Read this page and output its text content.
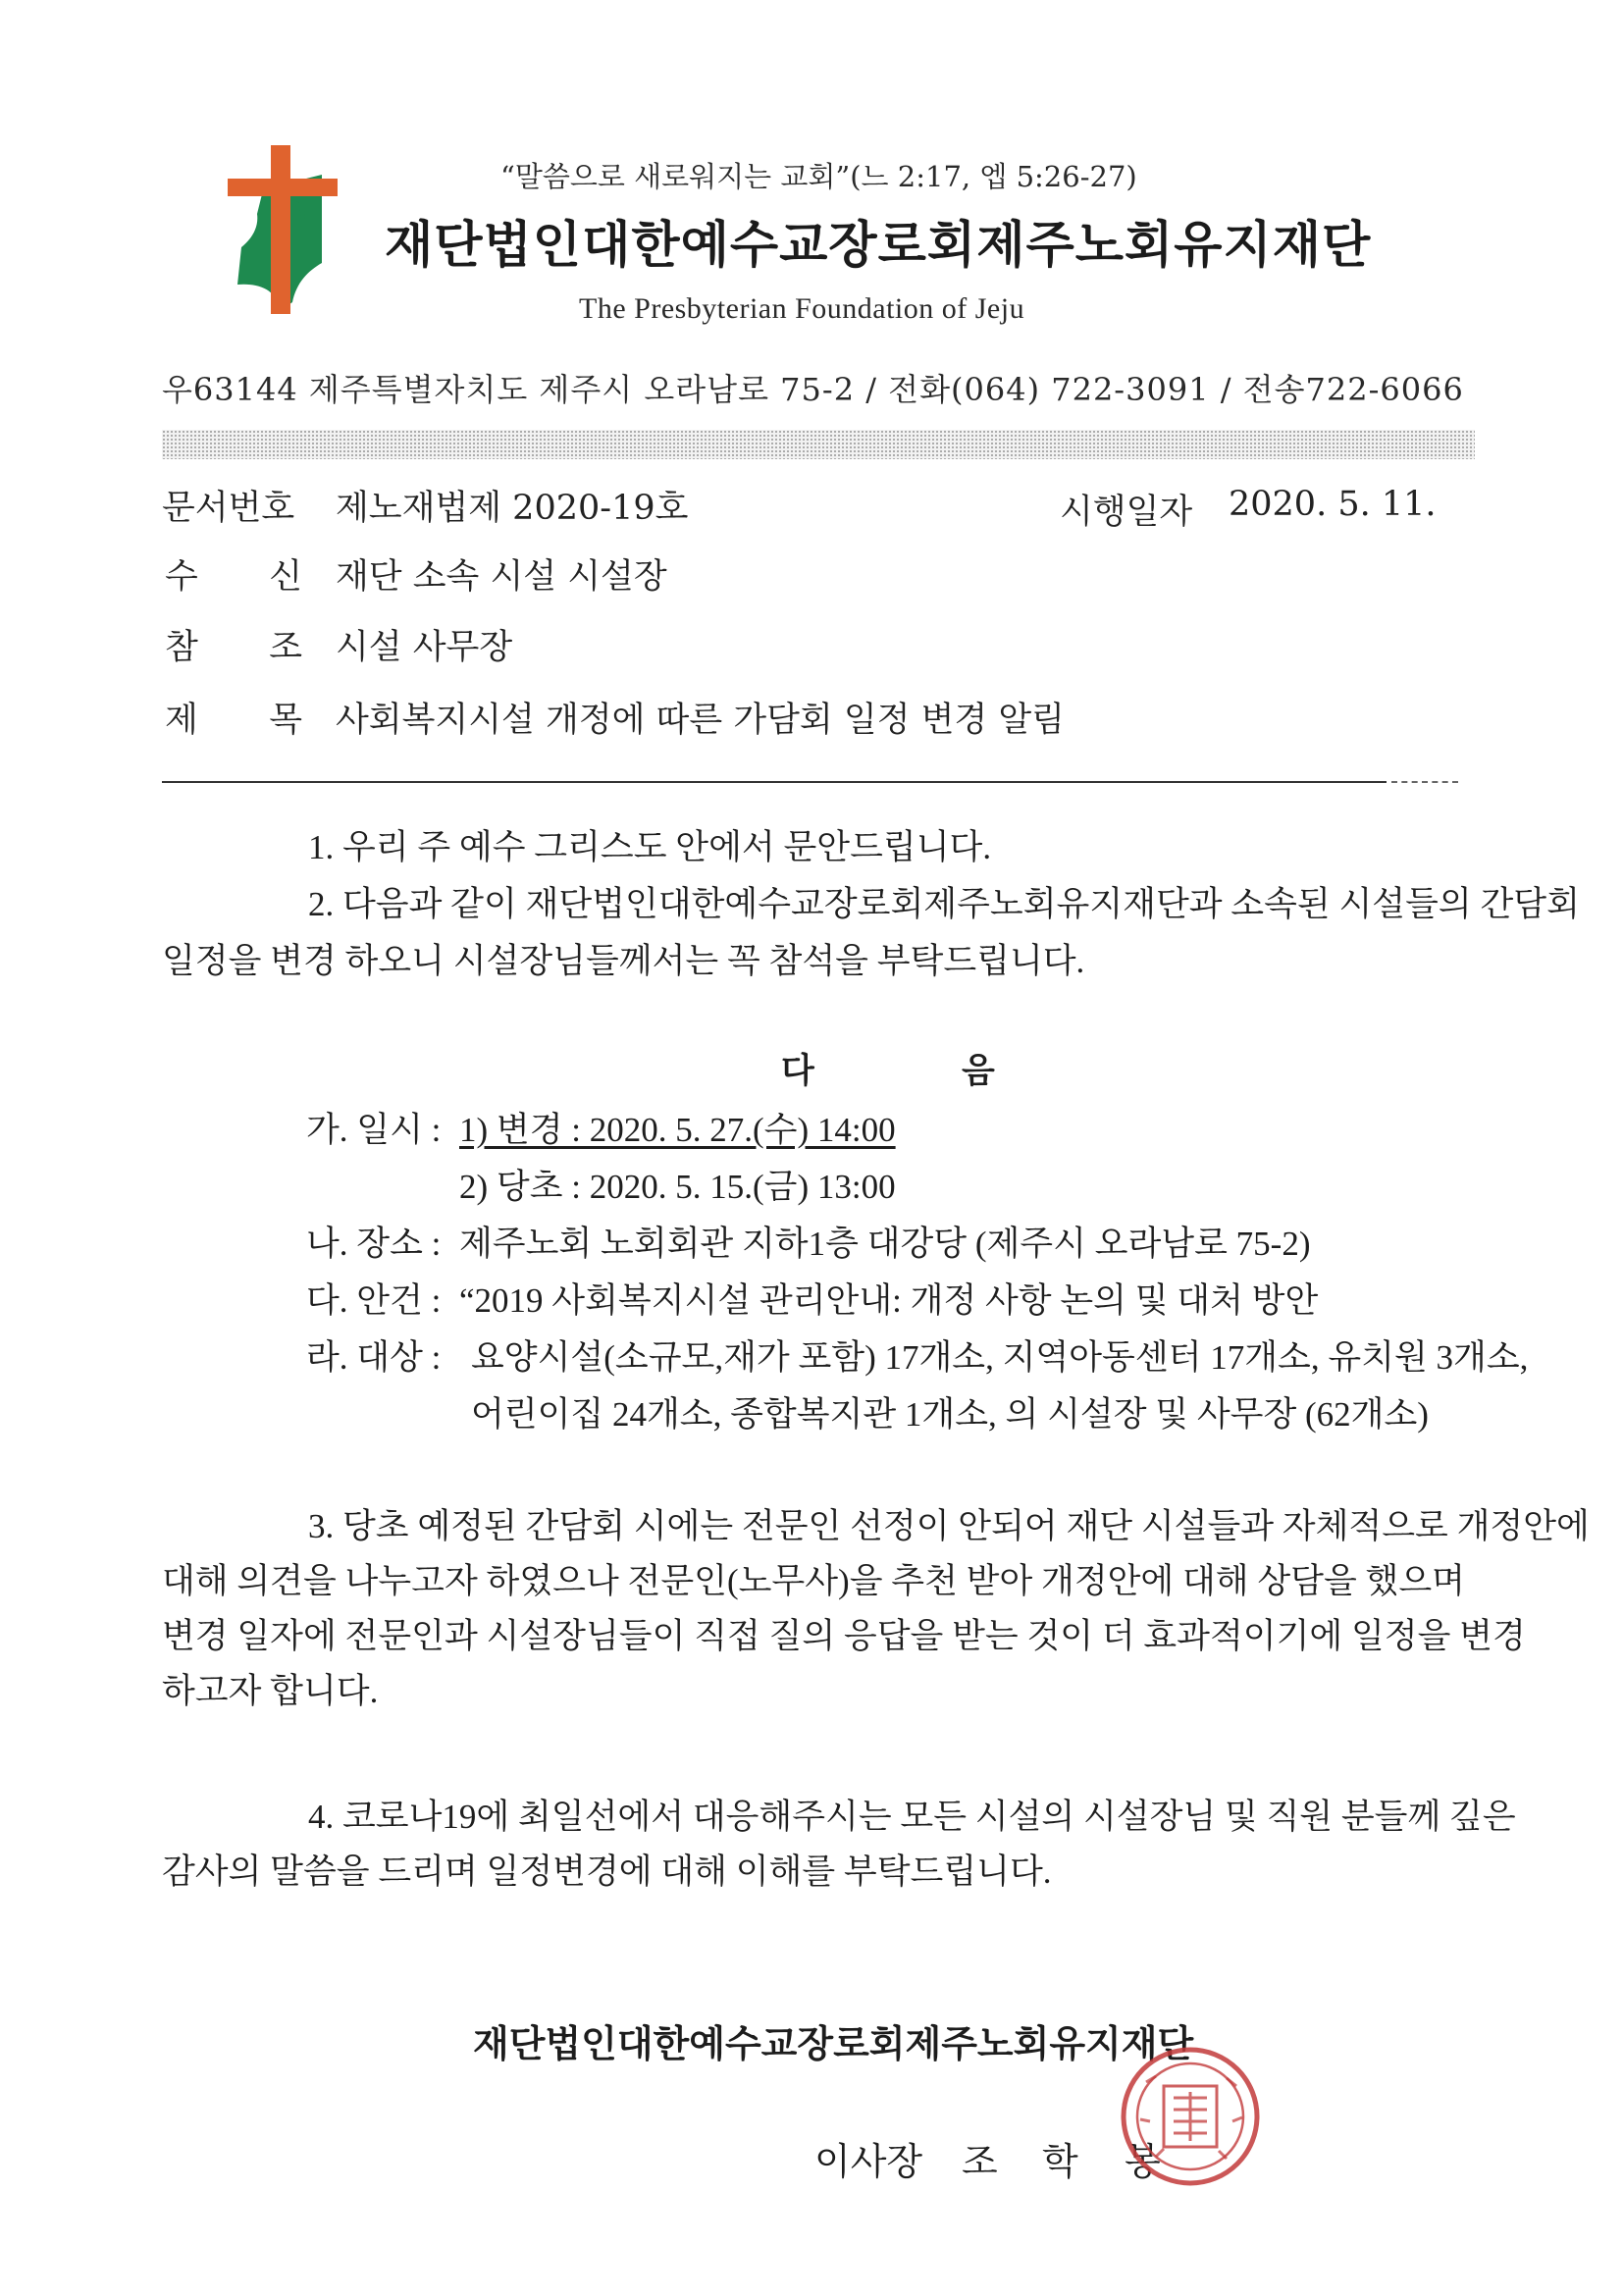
“말씀으로 새로워지는 교회”(느 2:17, 엡 5:26-27)
재단법인대한예수교장로회제주노회유지재단
The Presbyterian Foundation of Jeju
우63144 제주특별자치도 제주시 오라남로 75-2 / 전화(064) 722-3091 / 전송722-6066
문서번호 제노재법제 2020-19호	시행일자 2020. 5. 11.
수 신 재단 소속 시설 시설장
참 조 시설 사무장
제 목 사회복지시설 개정에 따른 가담회 일정 변경 알림
1. 우리 주 예수 그리스도 안에서 문안드립니다.
2. 다음과 같이 재단법인대한예수교장로회제주노회유지재단과 소속된 시설들의 간담회
일정을 변경 하오니 시설장님들께서는 꼭 참석을 부탁드립니다.
다	음
가. 일시 : 1) 변경 : 2020. 5. 27.(수) 14:00
2) 당초 : 2020. 5. 15.(금) 13:00
나. 장소 : 제주노회 노회회관 지하1층 대강당 (제주시 오라남로 75-2)
다. 안건 : “2019 사회복지시설 관리안내: 개정 사항 논의 및 대처 방안
라. 대상 : 요양시설(소규모,재가 포함) 17개소, 지역아동센터 17개소, 유치원 3개소,
어린이집 24개소, 종합복지관 1개소, 의 시설장 및 사무장 (62개소)
3. 당초 예정된 간담회 시에는 전문인 선정이 안되어 재단 시설들과 자체적으로 개정안에
대해 의견을 나누고자 하였으나 전문인(노무사)을 추천 받아 개정안에 대해 상담을 했으며
변경 일자에 전문인과 시설장님들이 직접 질의 응답을 받는 것이 더 효과적이기에 일정을 변경
하고자 합니다.
4. 코로나19에 최일선에서 대응해주시는 모든 시설의 시설장님 및 직원 분들께 깊은
감사의 말씀을 드리며 일정변경에 대해 이해를 부탁드립니다.
재단법인대한예수교장로회제주노회유지재단
이사장 조 학 봉
